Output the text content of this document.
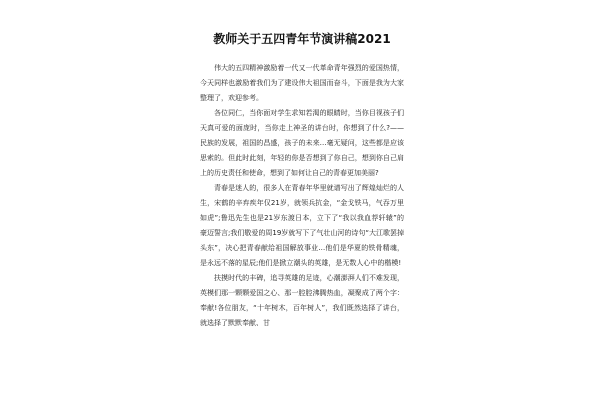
教师关于五四青年节演讲稿2021

伟大的五四精神激励着一代又一代革命青年强烈的爱国热情，今天同样也激励着我们为了建设伟大祖国而奋斗，下面是我为大家整理了，欢迎参考。

各位同仁，当你面对学生求知若渴的眼睛时，当你目视孩子们天真可爱的面庞时，当你走上神圣的讲台时，你想到了什么?——民族的发展，祖国的昌盛，孩子的未来…毫无疑问，这些都是应该思索的。但此时此刻，年轻的你是否想到了你自己，想到你自己肩上的历史责任和使命，想到了如何让自己的青春更加美丽?

青春是迷人的，很多人在青春年华里就谱写出了辉煌灿烂的人生，宋鹤的辛弃疾年仅21岁，就领兵抗金，“金戈铁马，气吞万里如虎”;鲁迅先生也是21岁东渡日本，立下了“我以我血荐轩辕”的豪迈誓言;我们敬爱的周19岁就写下了气壮山河的诗句“大江歌罢掉头东”，决心把青春献给祖国解放事业…他们是华夏的铁骨精魂，是永远不落的星辰;他们是掀立潮头的英雄，是无数人心中的楷模!

扶摸时代的丰碑，追寻英雄的足迹，心潮澎湃人们不难发现，英模们那一颗颗爱国之心、那一腔腔沸腾热血，凝聚成了两个字：奉献!各位朋友，“十年树木，百年树人”，我们既然选择了讲台，就选择了默默奉献、甘
